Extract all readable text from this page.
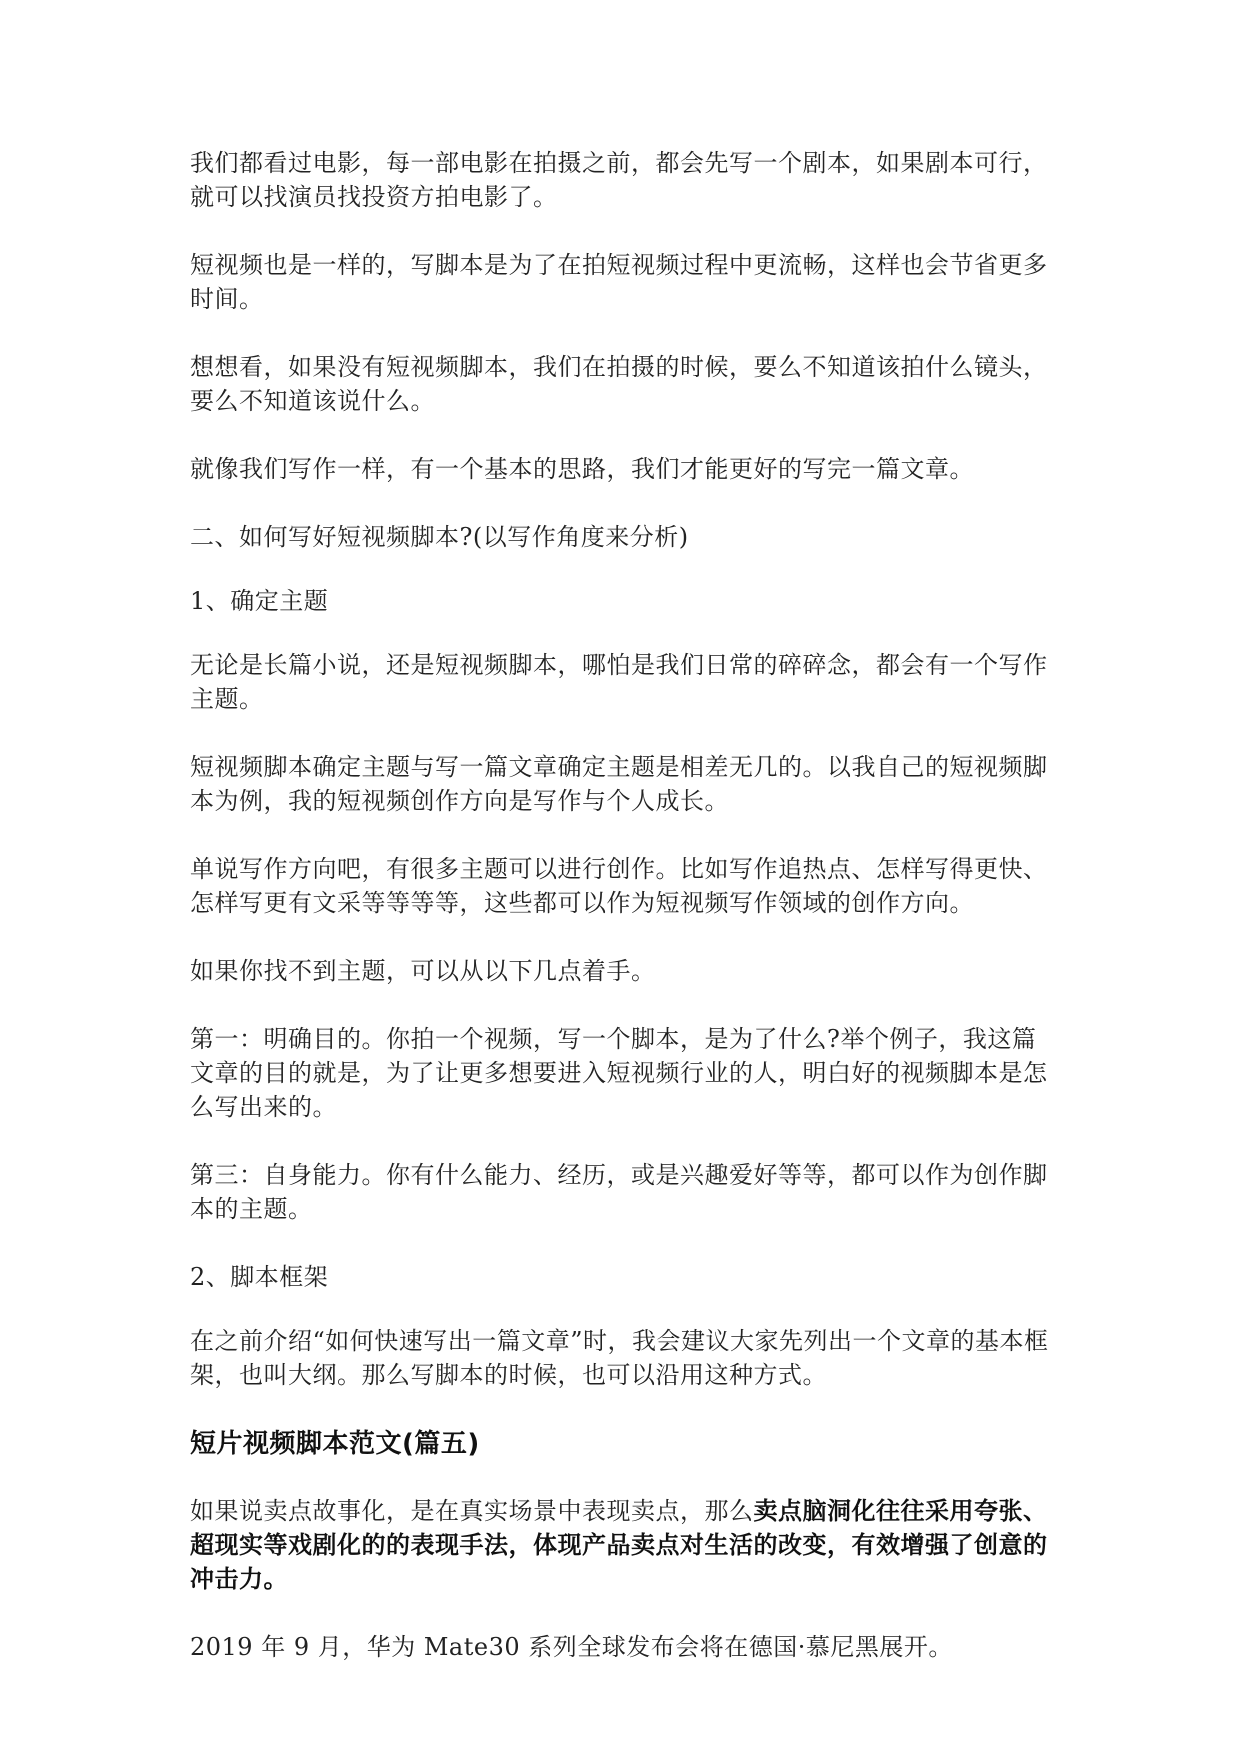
我们都看过电影，每一部电影在拍摄之前，都会先写一个剧本，如果剧本可行，就可以找演员找投资方拍电影了。

短视频也是一样的，写脚本是为了在拍短视频过程中更流畅，这样也会节省更多时间。

想想看，如果没有短视频脚本，我们在拍摄的时候，要么不知道该拍什么镜头，要么不知道该说什么。

就像我们写作一样，有一个基本的思路，我们才能更好的写完一篇文章。

二、如何写好短视频脚本?(以写作角度来分析)

1、确定主题

无论是长篇小说，还是短视频脚本，哪怕是我们日常的碎碎念，都会有一个写作主题。

短视频脚本确定主题与写一篇文章确定主题是相差无几的。以我自己的短视频脚本为例，我的短视频创作方向是写作与个人成长。

单说写作方向吧，有很多主题可以进行创作。比如写作追热点、怎样写得更快、怎样写更有文采等等等等，这些都可以作为短视频写作领域的创作方向。

如果你找不到主题，可以从以下几点着手。

第一：明确目的。你拍一个视频，写一个脚本，是为了什么?举个例子，我这篇文章的目的就是，为了让更多想要进入短视频行业的人，明白好的视频脚本是怎么写出来的。

第三：自身能力。你有什么能力、经历，或是兴趣爱好等等，都可以作为创作脚本的主题。

2、脚本框架

在之前介绍“如何快速写出一篇文章”时，我会建议大家先列出一个文章的基本框架，也叫大纲。那么写脚本的时候，也可以沿用这种方式。

短片视频脚本范文(篇五)

如果说卖点故事化，是在真实场景中表现卖点，那么卖点脑洞化往往采用夸张、超现实等戏剧化的的表现手法，体现产品卖点对生活的改变，有效增强了创意的冲击力。

2019 年 9 月，华为 Mate30 系列全球发布会将在德国·慕尼黑展开。
